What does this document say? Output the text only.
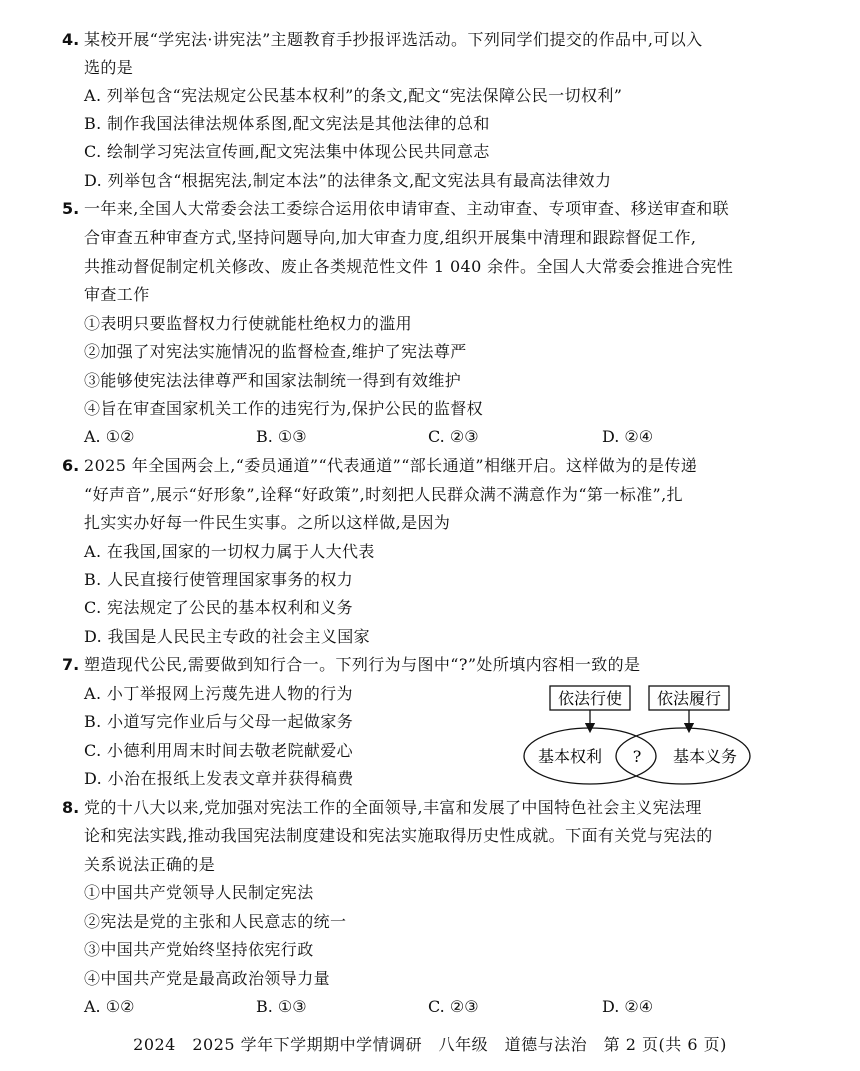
4. 某校开展“学宪法·讲宪法”主题教育手抄报评选活动。下列同学们提交的作品中,可以入
选的是
A. 列举包含“宪法规定公民基本权利”的条文,配文“宪法保障公民一切权利”
B. 制作我国法律法规体系图,配文宪法是其他法律的总和
C. 绘制学习宪法宣传画,配文宪法集中体现公民共同意志
D. 列举包含“根据宪法,制定本法”的法律条文,配文宪法具有最高法律效力
5. 一年来,全国人大常委会法工委综合运用依申请审查、主动审查、专项审查、移送审查和联
合审查五种审查方式,坚持问题导向,加大审查力度,组织开展集中清理和跟踪督促工作,
共推动督促制定机关修改、废止各类规范性文件 1 040 余件。全国人大常委会推进合宪性
审查工作
①表明只要监督权力行使就能杜绝权力的滥用
②加强了对宪法实施情况的监督检查,维护了宪法尊严
③能够使宪法法律尊严和国家法制统一得到有效维护
④旨在审查国家机关工作的违宪行为,保护公民的监督权
A. ①②	B. ①③	C. ②③	D. ②④
6. 2025 年全国两会上,“委员通道”“代表通道”“部长通道”相继开启。这样做为的是传递
“好声音”,展示“好形象”,诠释“好政策”,时刻把人民群众满不满意作为“第一标准”,扎
扎实实办好每一件民生实事。之所以这样做,是因为
A. 在我国,国家的一切权力属于人大代表
B. 人民直接行使管理国家事务的权力
C. 宪法规定了公民的基本权利和义务
D. 我国是人民民主专政的社会主义国家
7. 塑造现代公民,需要做到知行合一。下列行为与图中“?”处所填内容相一致的是
A. 小丁举报网上污蔑先进人物的行为
B. 小道写完作业后与父母一起做家务
C. 小德利用周末时间去敬老院献爱心
D. 小治在报纸上发表文章并获得稿费
依法行使 依法履行
基本权利 ? 基本义务
8. 党的十八大以来,党加强对宪法工作的全面领导,丰富和发展了中国特色社会主义宪法理
论和宪法实践,推动我国宪法制度建设和宪法实施取得历史性成就。下面有关党与宪法的
关系说法正确的是
①中国共产党领导人民制定宪法
②宪法是党的主张和人民意志的统一
③中国共产党始终坚持依宪行政
④中国共产党是最高政治领导力量
A. ①②	B. ①③	C. ②③	D. ②④
2024　2025 学年下学期期中学情调研　八年级　道德与法治　第 2 页(共 6 页)
